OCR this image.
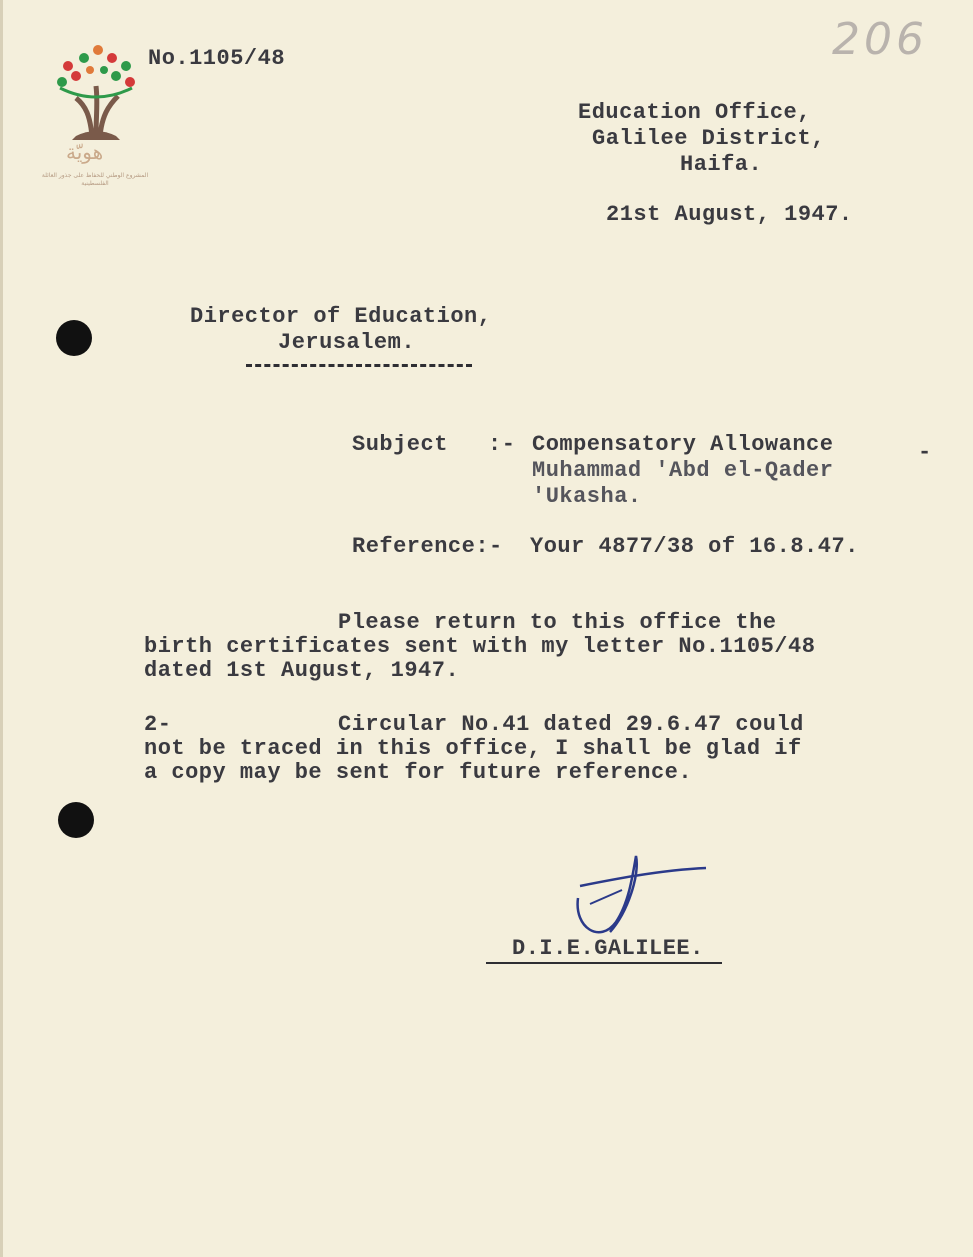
هويّة
المشروع الوطني للحفاظ على جذور العائلة الفلسطينية
No.1105/48	206
Education Office,
Galilee District,
Haifa.
21st August, 1947.
Director of Education,
Jerusalem.
Subject :- Compensatory Allowance
Muhammad 'Abd el-Qader
'Ukasha.
-
Reference:- Your 4877/38 of 16.8.47.
Please return to this office the
birth certificates sent with my letter No.1105/48
dated 1st August, 1947.
2-	Circular No.41 dated 29.6.47 could
not be traced in this office, I shall be glad if
a copy may be sent for future reference.
D.I.E.GALILEE.
